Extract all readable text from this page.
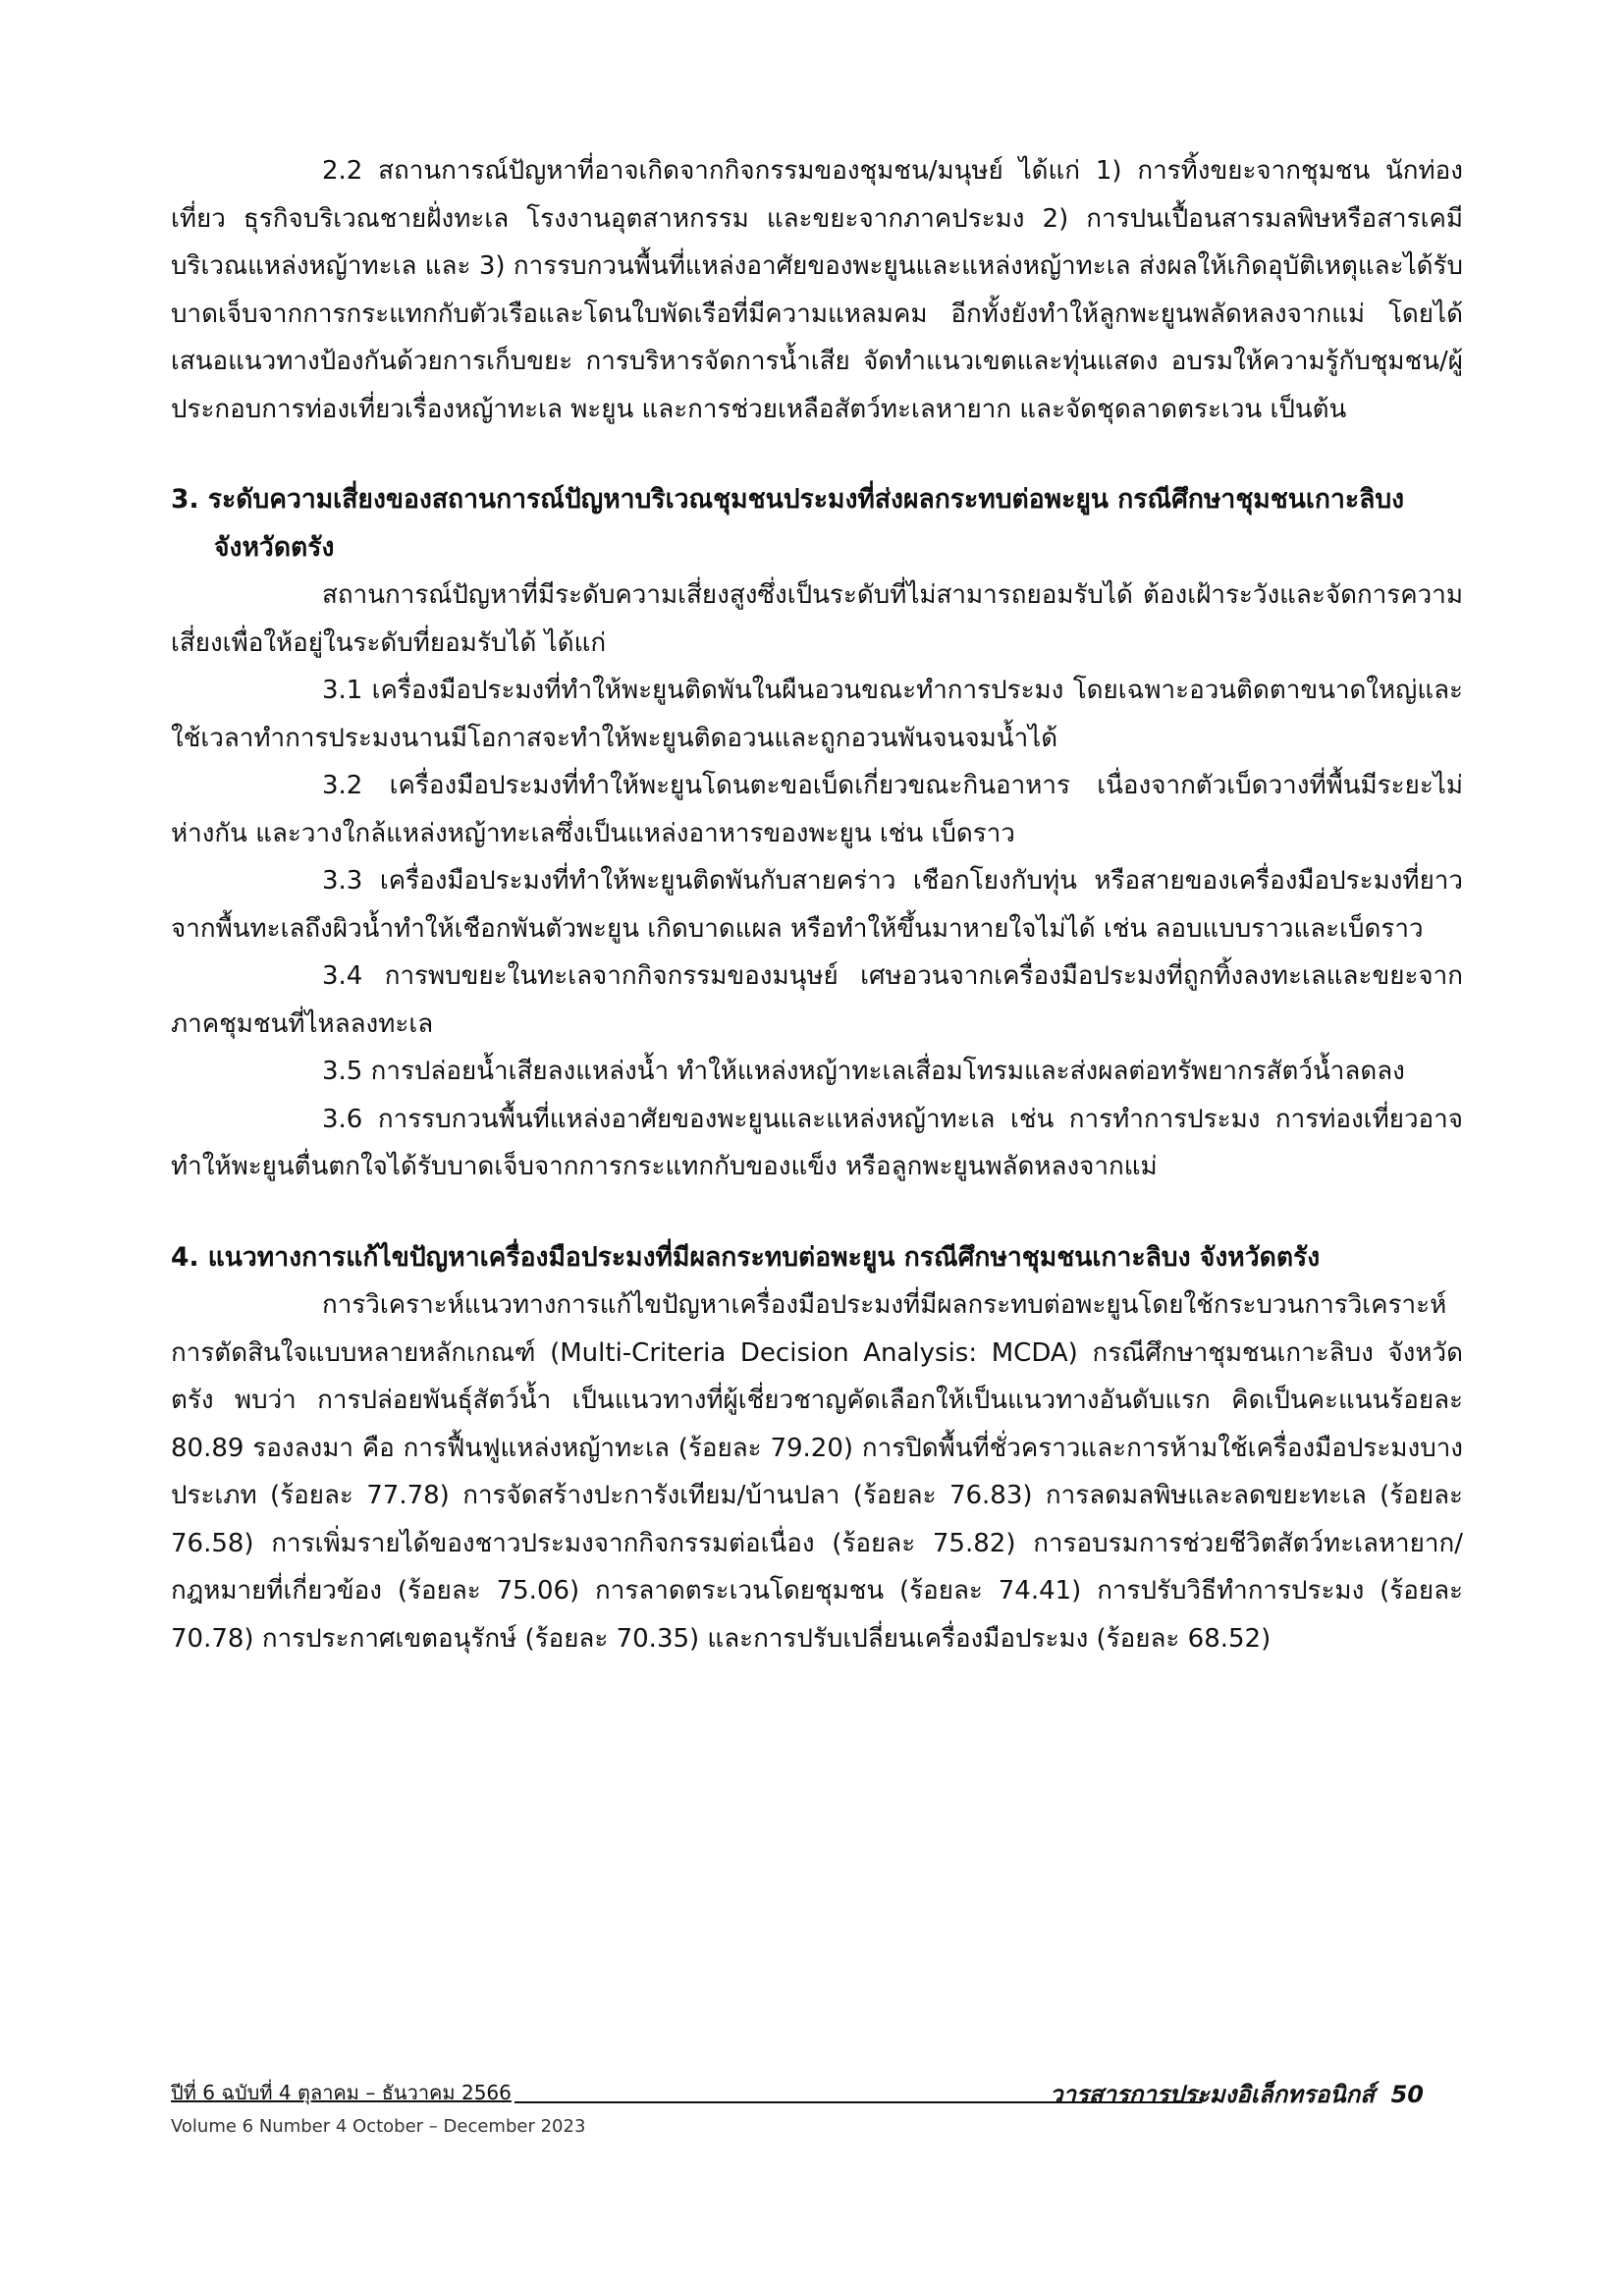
2.2 สถานการณ์ปัญหาที่อาจเกิดจากกิจกรรมของชุมชน/มนุษย์ ได้แก่ 1) การทิ้งขยะจากชุมชน นักท่องเที่ยว ธุรกิจบริเวณชายฝั่งทะเล โรงงานอุตสาหกรรม และขยะจากภาคประมง 2) การปนเปื้อนสารมลพิษหรือสารเคมีบริเวณแหล่งหญ้าทะเล และ 3) การรบกวนพื้นที่แหล่งอาศัยของพะยูนและแหล่งหญ้าทะเล ส่งผลให้เกิดอุบัติเหตุและได้รับบาดเจ็บจากการกระแทกกับตัวเรือและโดนใบพัดเรือที่มีความแหลมคม อีกทั้งยังทำให้ลูกพะยูนพลัดหลงจากแม่ โดยได้เสนอแนวทางป้องกันด้วยการเก็บขยะ การบริหารจัดการน้ำเสีย จัดทำแนวเขตและทุ่นแสดง อบรมให้ความรู้กับชุมชน/ผู้ประกอบการท่องเที่ยวเรื่องหญ้าทะเล พะยูน และการช่วยเหลือสัตว์ทะเลหายาก และจัดชุดลาดตระเวน เป็นต้น

3. ระดับความเสี่ยงของสถานการณ์ปัญหาบริเวณชุมชนประมงที่ส่งผลกระทบต่อพะยูน กรณีศึกษาชุมชนเกาะลิบง จังหวัดตรัง

สถานการณ์ปัญหาที่มีระดับความเสี่ยงสูงซึ่งเป็นระดับที่ไม่สามารถยอมรับได้ ต้องเฝ้าระวังและจัดการความเสี่ยงเพื่อให้อยู่ในระดับที่ยอมรับได้ ได้แก่

3.1 เครื่องมือประมงที่ทำให้พะยูนติดพันในผืนอวนขณะทำการประมง โดยเฉพาะอวนติดตาขนาดใหญ่และใช้เวลาทำการประมงนานมีโอกาสจะทำให้พะยูนติดอวนและถูกอวนพันจนจมน้ำได้

3.2 เครื่องมือประมงที่ทำให้พะยูนโดนตะขอเบ็ดเกี่ยวขณะกินอาหาร เนื่องจากตัวเบ็ดวางที่พื้นมีระยะไม่ห่างกัน และวางใกล้แหล่งหญ้าทะเลซึ่งเป็นแหล่งอาหารของพะยูน เช่น เบ็ดราว

3.3 เครื่องมือประมงที่ทำให้พะยูนติดพันกับสายคร่าว เชือกโยงกับทุ่น หรือสายของเครื่องมือประมงที่ยาวจากพื้นทะเลถึงผิวน้ำทำให้เชือกพันตัวพะยูน เกิดบาดแผล หรือทำให้ขึ้นมาหายใจไม่ได้ เช่น ลอบแบบราวและเบ็ดราว

3.4 การพบขยะในทะเลจากกิจกรรมของมนุษย์ เศษอวนจากเครื่องมือประมงที่ถูกทิ้งลงทะเลและขยะจากภาคชุมชนที่ไหลลงทะเล

3.5 การปล่อยน้ำเสียลงแหล่งน้ำ ทำให้แหล่งหญ้าทะเลเสื่อมโทรมและส่งผลต่อทรัพยากรสัตว์น้ำลดลง

3.6 การรบกวนพื้นที่แหล่งอาศัยของพะยูนและแหล่งหญ้าทะเล เช่น การทำการประมง การท่องเที่ยวอาจทำให้พะยูนตื่นตกใจได้รับบาดเจ็บจากการกระแทกกับของแข็ง หรือลูกพะยูนพลัดหลงจากแม่

4. แนวทางการแก้ไขปัญหาเครื่องมือประมงที่มีผลกระทบต่อพะยูน กรณีศึกษาชุมชนเกาะลิบง จังหวัดตรัง

การวิเคราะห์แนวทางการแก้ไขปัญหาเครื่องมือประมงที่มีผลกระทบต่อพะยูนโดยใช้กระบวนการวิเคราะห์การตัดสินใจแบบหลายหลักเกณฑ์ (Multi-Criteria Decision Analysis: MCDA) กรณีศึกษาชุมชนเกาะลิบง จังหวัดตรัง พบว่า การปล่อยพันธุ์สัตว์น้ำ เป็นแนวทางที่ผู้เชี่ยวชาญคัดเลือกให้เป็นแนวทางอันดับแรก คิดเป็นคะแนนร้อยละ 80.89 รองลงมา คือ การฟื้นฟูแหล่งหญ้าทะเล (ร้อยละ 79.20) การปิดพื้นที่ชั่วคราวและการห้ามใช้เครื่องมือประมงบางประเภท (ร้อยละ 77.78) การจัดสร้างปะการังเทียม/บ้านปลา (ร้อยละ 76.83) การลดมลพิษและลดขยะทะเล (ร้อยละ 76.58) การเพิ่มรายได้ของชาวประมงจากกิจกรรมต่อเนื่อง (ร้อยละ 75.82) การอบรมการช่วยชีวิตสัตว์ทะเลหายาก/กฎหมายที่เกี่ยวข้อง (ร้อยละ 75.06) การลาดตระเวนโดยชุมชน (ร้อยละ 74.41) การปรับวิธีทำการประมง (ร้อยละ 70.78) การประกาศเขตอนุรักษ์ (ร้อยละ 70.35) และการปรับเปลี่ยนเครื่องมือประมง (ร้อยละ 68.52)

ปีที่ 6 ฉบับที่ 4 ตุลาคม – ธันวาคม 2566	วารสารการประมงอิเล็กทรอนิกส์ 50
Volume 6 Number 4 October – December 2023
